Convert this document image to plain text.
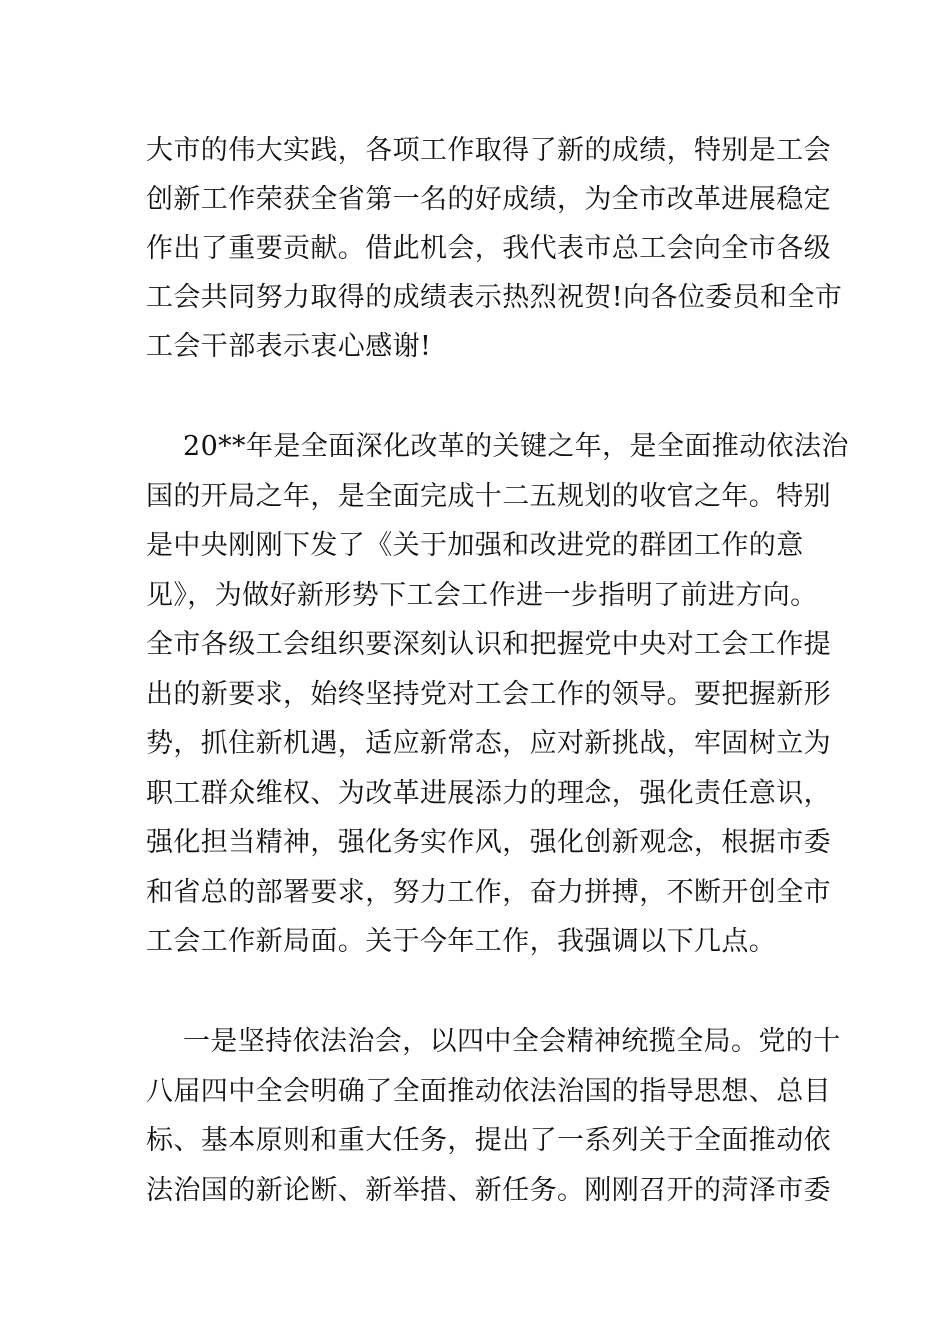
大市的伟大实践，各项工作取得了新的成绩，特别是工会
创新工作荣获全省第一名的好成绩，为全市改革进展稳定
作出了重要贡献。借此机会，我代表市总工会向全市各级
工会共同努力取得的成绩表示热烈祝贺!向各位委员和全市
工会干部表示衷心感谢!
20**年是全面深化改革的关键之年，是全面推动依法治
国的开局之年，是全面完成十二五规划的收官之年。特别
是中央刚刚下发了《关于加强和改进党的群团工作的意
见》，为做好新形势下工会工作进一步指明了前进方向。
全市各级工会组织要深刻认识和把握党中央对工会工作提
出的新要求，始终坚持党对工会工作的领导。要把握新形
势，抓住新机遇，适应新常态，应对新挑战，牢固树立为
职工群众维权、为改革进展添力的理念，强化责任意识，
强化担当精神，强化务实作风，强化创新观念，根据市委
和省总的部署要求，努力工作，奋力拼搏，不断开创全市
工会工作新局面。关于今年工作，我强调以下几点。
一是坚持依法治会，以四中全会精神统揽全局。党的十
八届四中全会明确了全面推动依法治国的指导思想、总目
标、基本原则和重大任务，提出了一系列关于全面推动依
法治国的新论断、新举措、新任务。刚刚召开的菏泽市委
